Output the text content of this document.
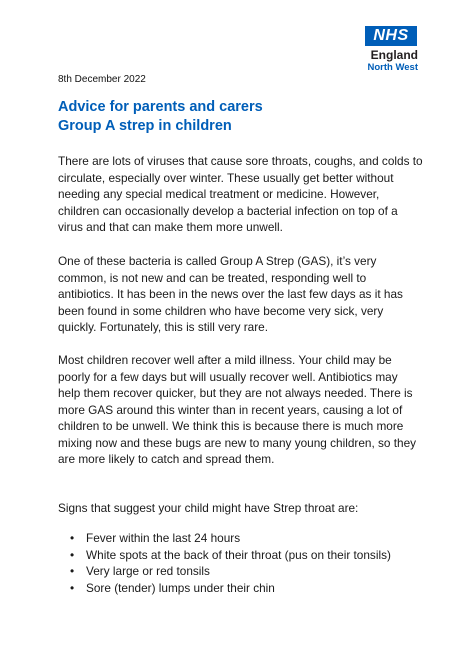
NHS
England
North West
8th December 2022
Advice for parents and carers
Group A strep in children

There are lots of viruses that cause sore throats, coughs, and colds to circulate, especially over winter. These usually get better without needing any special medical treatment or medicine. However, children can occasionally develop a bacterial infection on top of a virus and that can make them more unwell.

One of these bacteria is called Group A Strep (GAS), it’s very common, is not new and can be treated, responding well to antibiotics. It has been in the news over the last few days as it has been found in some children who have become very sick, very quickly. Fortunately, this is still very rare.

Most children recover well after a mild illness. Your child may be poorly for a few days but will usually recover well. Antibiotics may help them recover quicker, but they are not always needed. There is more GAS around this winter than in recent years, causing a lot of children to be unwell. We think this is because there is much more mixing now and these bugs are new to many young children, so they are more likely to catch and spread them.

Signs that suggest your child might have Strep throat are:

• Fever within the last 24 hours
• White spots at the back of their throat (pus on their tonsils)
• Very large or red tonsils
• Sore (tender) lumps under their chin
